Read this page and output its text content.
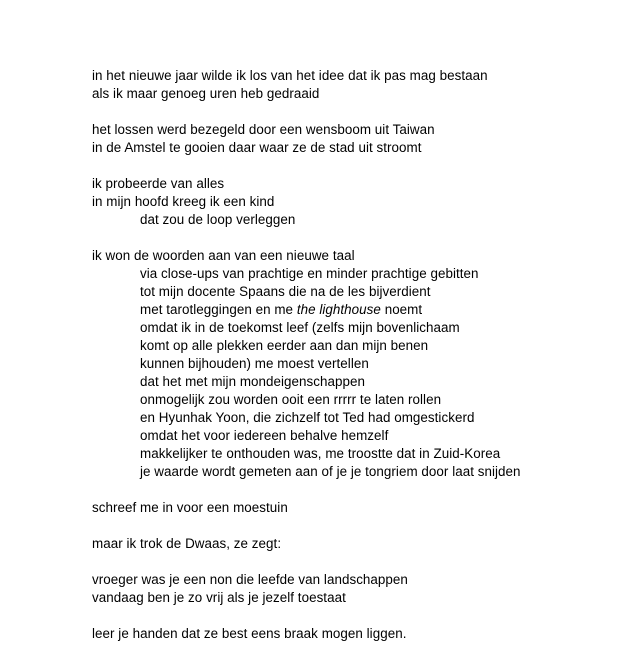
in het nieuwe jaar wilde ik los van het idee dat ik pas mag bestaan
als ik maar genoeg uren heb gedraaid
het lossen werd bezegeld door een wensboom uit Taiwan
in de Amstel te gooien daar waar ze de stad uit stroomt
ik probeerde van alles
in mijn hoofd kreeg ik een kind
dat zou de loop verleggen
ik won de woorden aan van een nieuwe taal
via close-ups van prachtige en minder prachtige gebitten
tot mijn docente Spaans die na de les bijverdient
met tarotleggingen en me the lighthouse noemt
omdat ik in de toekomst leef (zelfs mijn bovenlichaam
komt op alle plekken eerder aan dan mijn benen
kunnen bijhouden) me moest vertellen
dat het met mijn mondeigenschappen
onmogelijk zou worden ooit een rrrrr te laten rollen
en Hyunhak Yoon, die zichzelf tot Ted had omgestickerd
omdat het voor iedereen behalve hemzelf
makkelijker te onthouden was, me troostte dat in Zuid-Korea
je waarde wordt gemeten aan of je je tongriem door laat snijden
schreef me in voor een moestuin
maar ik trok de Dwaas, ze zegt:
vroeger was je een non die leefde van landschappen
vandaag ben je zo vrij als je jezelf toestaat
leer je handen dat ze best eens braak mogen liggen.
